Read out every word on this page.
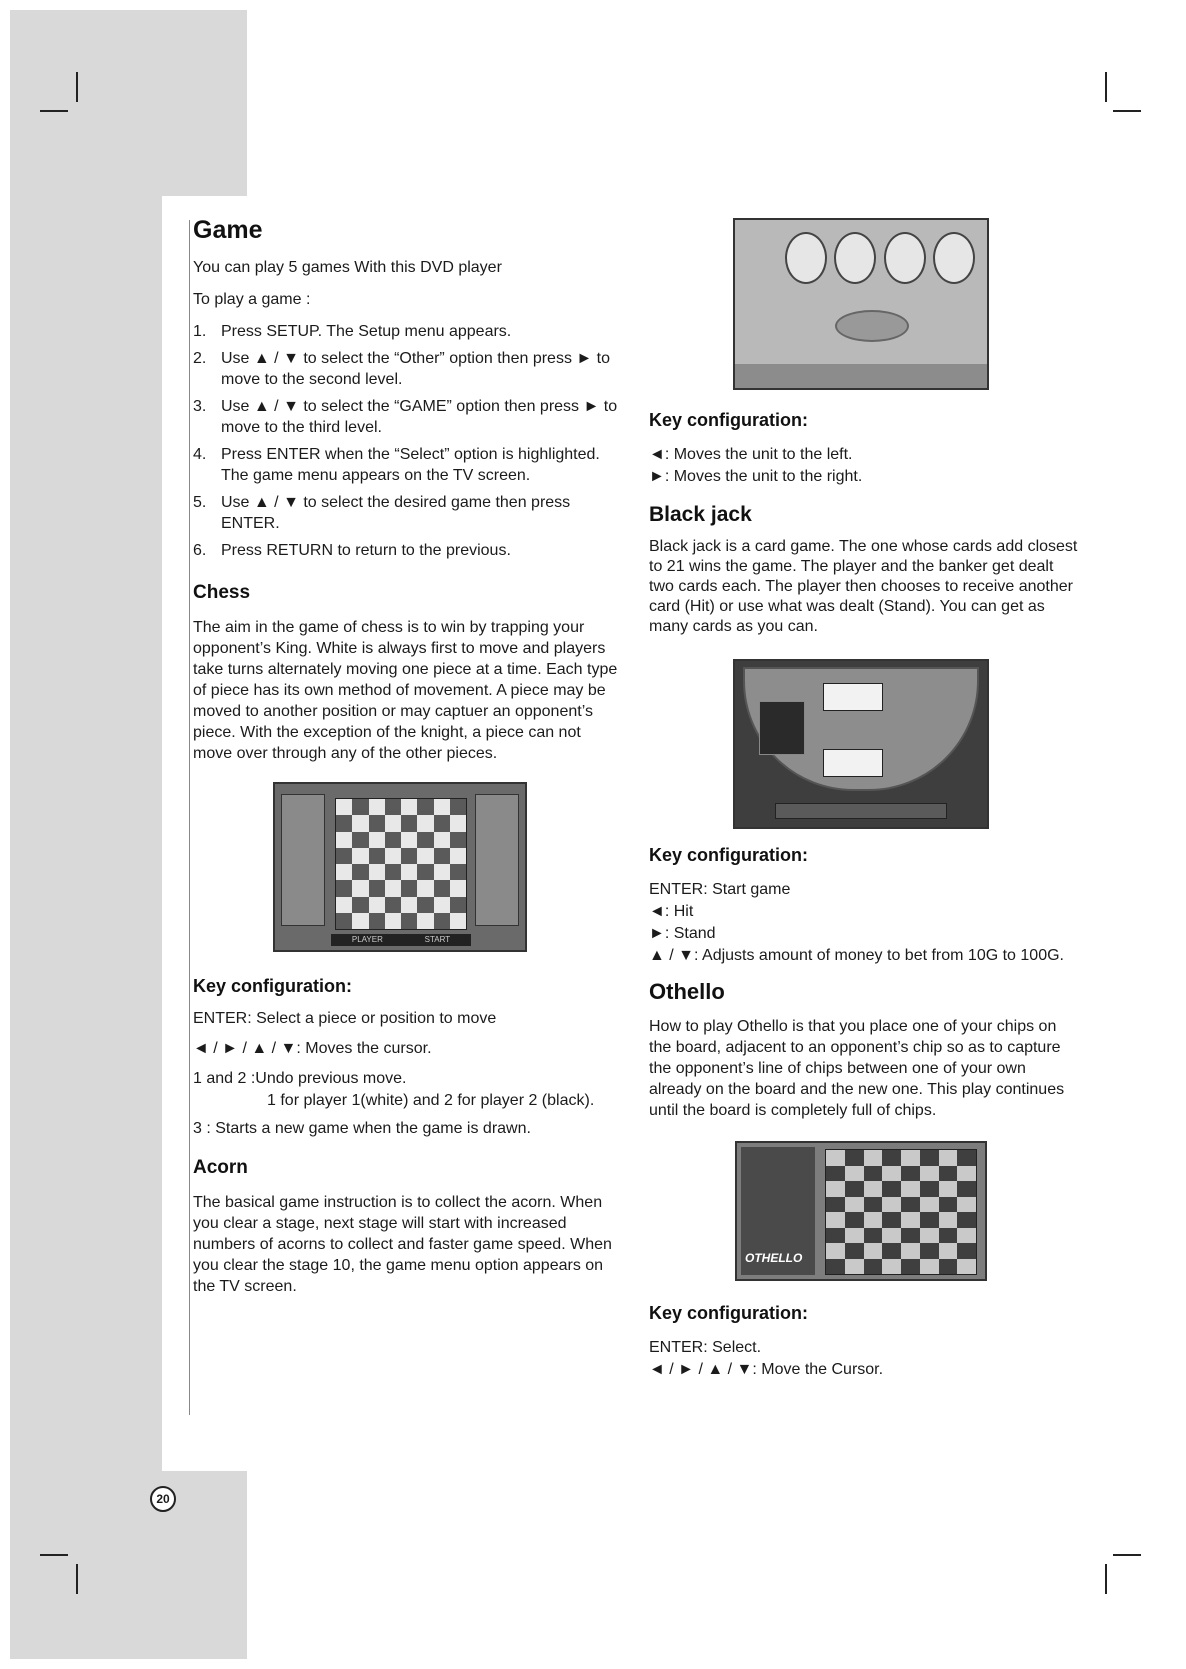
Game

You can play 5 games With this DVD player

To play a game :

1. Press SETUP. The Setup menu appears.
2. Use ▲ / ▼ to select the “Other” option then press ► to move to the second level.
3. Use ▲ / ▼ to select the “GAME” option then press ► to move to the third level.
4. Press ENTER when the “Select” option is highlighted. The game menu appears on the TV screen.
5. Use ▲ / ▼ to select the desired game then press ENTER.
6. Press RETURN to return to the previous.
Chess

The aim in the game of chess is to win by trapping your opponent’s King. White is always first to move and players take turns alternately moving one piece at a time. Each type of piece has its own method of movement. A piece may be moved to another position or may captuer an opponent’s piece. With the exception of the knight, a piece can not move over through any of the other pieces.

PLAYER	START
Key configuration:
ENTER: Select a piece or position to move
◄ / ► / ▲ / ▼: Moves the cursor.
1 and 2 :Undo previous move.
1 for player 1(white) and 2 for player 2 (black).
3 : Starts a new game when the game is drawn.
Acorn

The basical game instruction is to collect the acorn. When you clear a stage, next stage will start with increased numbers of acorns to collect and faster game speed. When you clear the stage 10, the game menu option appears on the TV screen.

Key configuration:
◄: Moves the unit to the left.
►: Moves the unit to the right.
Black jack

Black jack is a card game. The one whose cards add closest to 21 wins the game. The player and the banker get dealt two cards each. The player then chooses to receive another card (Hit) or use what was dealt (Stand). You can get as many cards as you can.

Key configuration:
ENTER: Start game
◄: Hit
►: Stand
▲ / ▼: Adjusts amount of money to bet from 10G to 100G.
Othello

How to play Othello is that you place one of your chips on the board, adjacent to an opponent’s chip so as to capture the opponent’s line of chips between one of your own already on the board and the new one. This play continues until the board is completely full of chips.

OTHELLO
Key configuration:
ENTER: Select.
◄ / ► / ▲ / ▼: Move the Cursor.
20
